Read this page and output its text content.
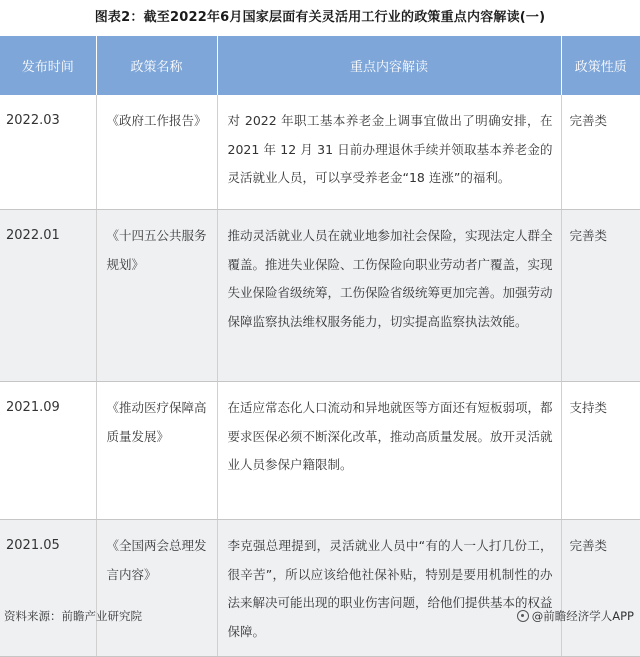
图表2：截至2022年6月国家层面有关灵活用工行业的政策重点内容解读(一)
发布时间	政策名称	重点内容解读	政策性质
2022.03	《政府工作报告》	对 2022 年职工基本养老金上调事宜做出了明确安排，在 2021 年 12 月 31 日前办理退休手续并领取基本养老金的灵活就业人员，可以享受养老金“18 连涨”的福利。	完善类
2022.01	《十四五公共服务规划》	推动灵活就业人员在就业地参加社会保险，实现法定人群全覆盖。推进失业保险、工伤保险向职业劳动者广覆盖，实现失业保险省级统筹，工伤保险省级统筹更加完善。加强劳动保障监察执法维权服务能力，切实提高监察执法效能。	完善类
2021.09	《推动医疗保障高质量发展》	在适应常态化人口流动和异地就医等方面还有短板弱项，都要求医保必须不断深化改革，推动高质量发展。放开灵活就业人员参保户籍限制。	支持类
2021.05	《全国两会总理发言内容》	李克强总理提到，灵活就业人员中“有的人一人打几份工，很辛苦”，所以应该给他社保补贴，特别是要用机制性的办法来解决可能出现的职业伤害问题，给他们提供基本的权益保障。	完善类
资料来源：前瞻产业研究院	@前瞻经济学人APP
